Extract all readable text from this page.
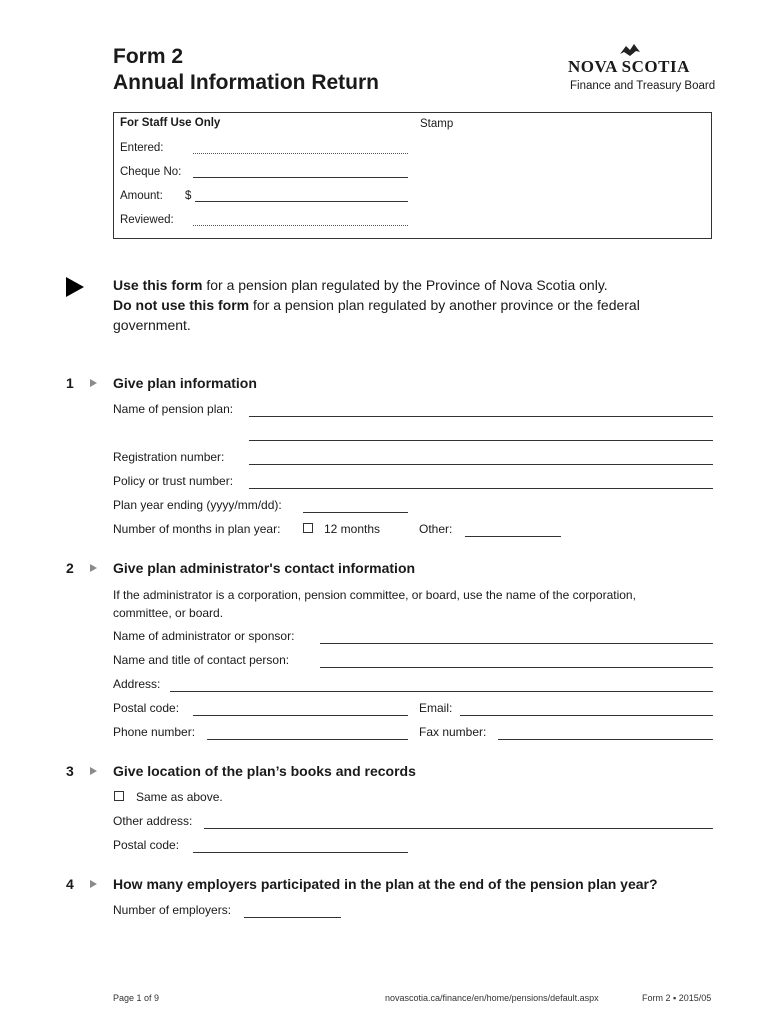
Form 2
Annual Information Return
NOVA SCOTIA
Finance and Treasury Board
For Staff Use Only	Stamp
Entered:
Cheque No:
Amount: $
Reviewed:
Use this form for a pension plan regulated by the Province of Nova Scotia only.
Do not use this form for a pension plan regulated by another province or the federal government.
1	Give plan information
Name of pension plan:
Registration number:
Policy or trust number:
Plan year ending (yyyy/mm/dd):
Number of months in plan year:	12 months	Other:
2	Give plan administrator's contact information
If the administrator is a corporation, pension committee, or board, use the name of the corporation, committee, or board.
Name of administrator or sponsor:
Name and title of contact person:
Address:
Postal code:	Email:
Phone number:	Fax number:
3	Give location of the plan’s books and records
Same as above.
Other address:
Postal code:
4	How many employers participated in the plan at the end of the pension plan year?
Number of employers:
Page 1 of 9	novascotia.ca/finance/en/home/pensions/default.aspx	Form 2 ▪ 2015/05
